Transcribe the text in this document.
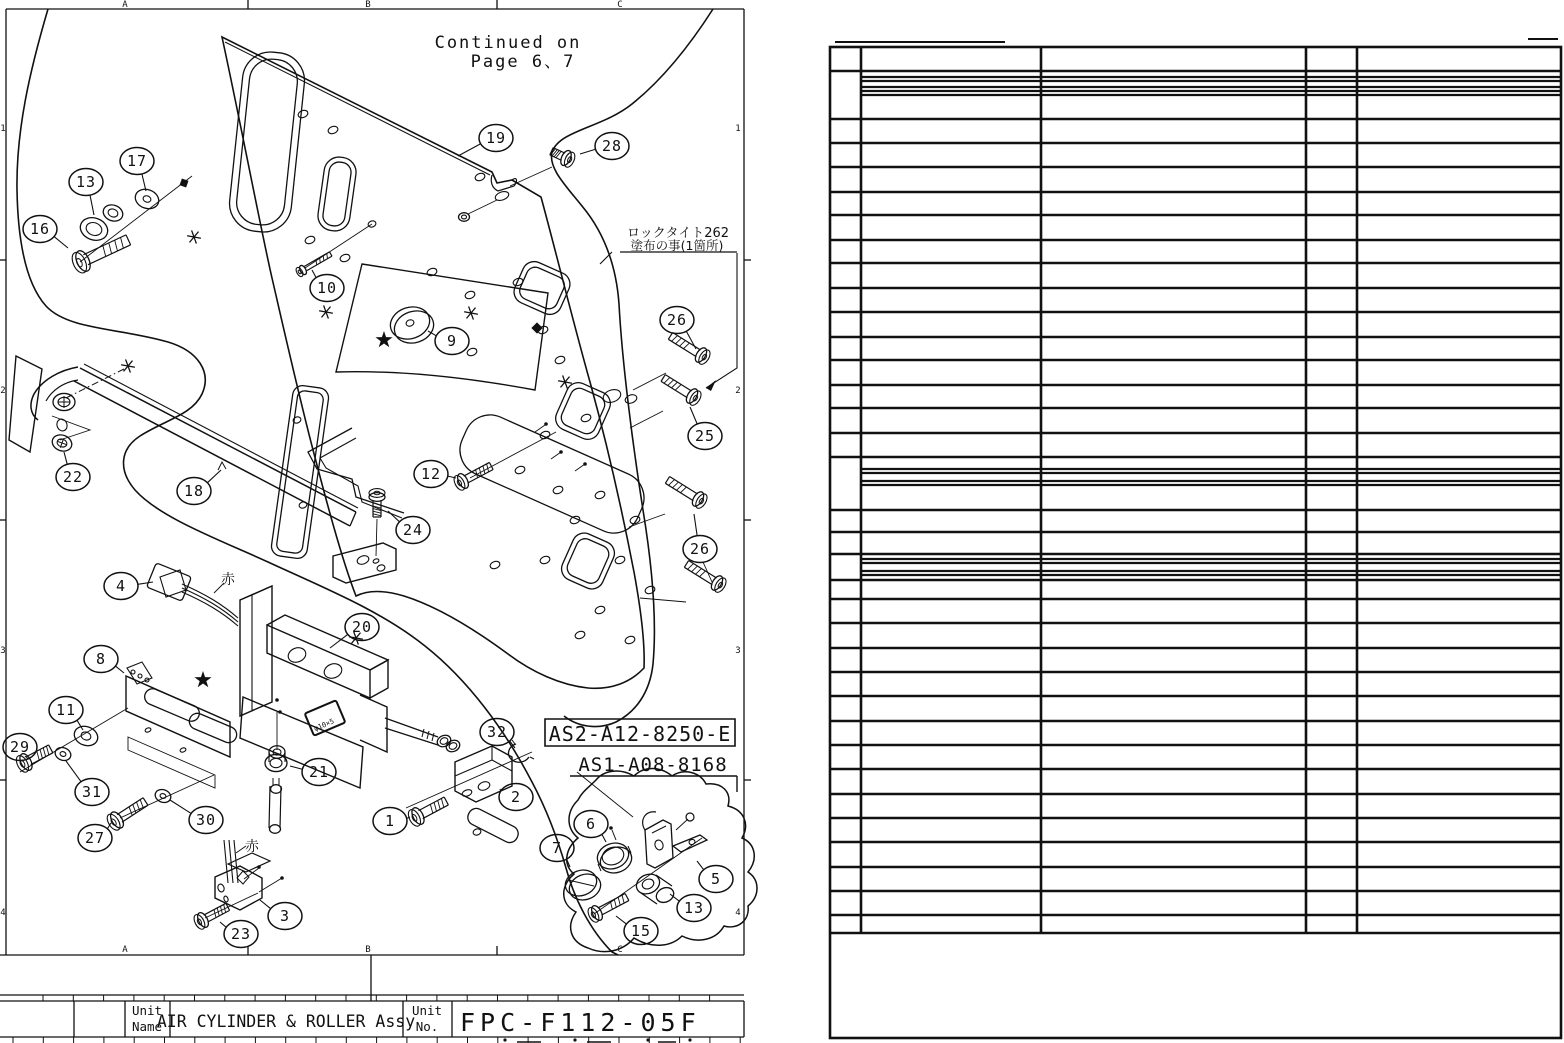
A	B	C
A	B	C
1
2
3
4
1
2
3
4
19	28
17
13
16
10
26
9
25
22
18
12
24
26
4
20
8
11
29
31
21
32
2
1
27
30	6
7
5
13
3
15
23
Continued on
Page 6、7
ロックタイト262
塗布の事(1箇所)
AS2-A12-8250-E
AS1-A08-8168
赤
赤
φ10×5
Unit
Name
AIR CYLINDER & ROLLER Assy
Unit
No. FPC-F112-05F
